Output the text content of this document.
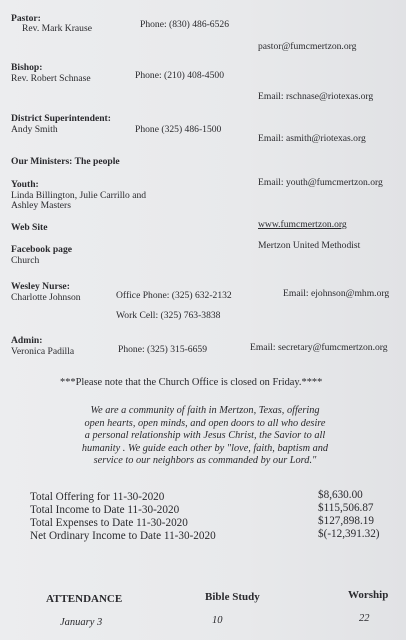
Pastor:
Rev. Mark Krause	Phone: (830) 486-6526
pastor@fumcmertzon.org
Bishop:
Rev. Robert Schnase	Phone: (210) 408-4500
Email: rschnase@riotexas.org
District Superintendent:
Andy Smith	Phone (325) 486-1500
Email: asmith@riotexas.org
Our Ministers: The people
Youth:
Linda Billington, Julie Carrillo and
Ashley Masters
Email: youth@fumcmertzon.org
Web Site	www.fumcmertzon.org
Facebook page
Church
Mertzon United Methodist
Wesley Nurse:
Charlotte Johnson	Office Phone: (325) 632-2132	Email: ejohnson@mhm.org
Work Cell: (325) 763-3838
Admin:
Veronica Padilla	Phone: (325) 315-6659	Email: secretary@fumcmertzon.org
***Please note that the Church Office is closed on Friday.****
We are a community of faith in Mertzon, Texas, offering
open hearts, open minds, and open doors to all who desire
a personal relationship with Jesus Christ, the Savior to all
humanity . We guide each other by "love, faith, baptism and
service to our neighbors as commanded by our Lord."
Total Offering for 11-30-2020	$8,630.00
Total Income to Date 11-30-2020	$115,506.87
Total Expenses to Date 11-30-2020	$127,898.19
Net Ordinary Income to Date 11-30-2020	$(-12,391.32)
ATTENDANCE	Bible Study	Worship
January 3	10	22
